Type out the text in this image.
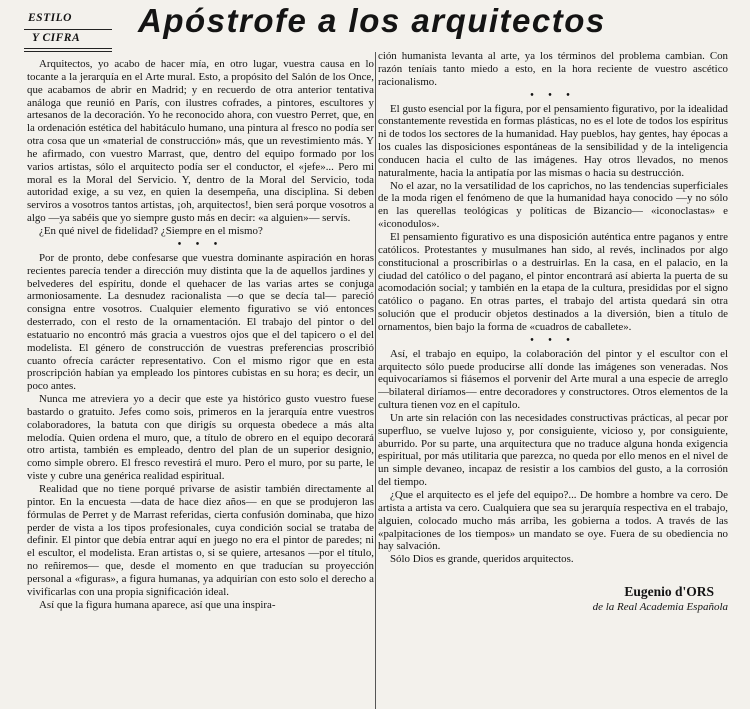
ESTILO
Y CIFRA Apóstrofe a los arquitectos

Arquitectos, yo acabo de hacer mía, en otro lugar, vuestra causa en lo tocante a la jerarquía en el Arte mural. Esto, a propósito del Salón de los Once, que acabamos de abrir en Madrid; y en recuerdo de otra anterior tentativa análoga que reunió en París, con ilustres cofrades, a pintores, escultores y artesanos de la decoración. Yo he reconocido ahora, con vuestro Perret, que, en la ordenación estética del habitáculo humano, una pintura al fresco no podía ser otra cosa que un «material de construcción» más, que un revestimiento más. Y he afirmado, con vuestro Marrast, que, dentro del equipo formado por los varios artistas, sólo el arquitecto podía ser el conductor, el «jefe»... Pero mi moral es la Moral del Servicio. Y, dentro de la Moral del Servicio, toda autoridad exige, a su vez, en quien la desempeña, una disciplina. Si deben serviros a vosotros tantos artistas, ¡oh, arquitectos!, bien será porque vosotros a algo —ya sabéis que yo siempre gusto más en decir: «a alguien»— servís.

¿En qué nivel de fidelidad? ¿Siempre en el mismo?

• • •

Por de pronto, debe confesarse que vuestra dominante aspiración en horas recientes parecía tender a dirección muy distinta que la de aquellos jardines y belvederes del espíritu, donde el quehacer de las varias artes se conjuga armoniosamente. La desnudez racionalista —o que se decía tal— pareció consigna entre vosotros. Cualquier elemento figurativo se vió entonces desterrado, con el resto de la ornamentación. El trabajo del pintor o del estatuario no encontró más gracia a vuestros ojos que el del tapicero o el del modelista. El género de construcción de vuestras preferencias proscribió cuanto ofrecía carácter representativo. Con el mismo rigor que en esta proscripción habían ya empleado los pintores cubistas en su hora; es decir, un poco antes.

Nunca me atreviera yo a decir que este ya histórico gusto vuestro fuese bastardo o gratuito. Jefes como sois, primeros en la jerarquía entre vuestros colaboradores, la batuta con que dirigís su orquesta obedece a más alta melodía. Quien ordena el muro, que, a título de obrero en el equipo decorará otro artista, también es empleado, dentro del plan de un superior designio, como simple obrero. El fresco revestirá el muro. Pero el muro, por su parte, le viste y cubre una genérica realidad espiritual.

Realidad que no tiene porqué privarse de asistir también directamente al pintor. En la encuesta —data de hace diez años— en que se produjeron las fórmulas de Perret y de Marrast referidas, cierta confusión dominaba, que hizo perder de vista a los tipos profesionales, cuya condición social se trataba de definir. El pintor que debía entrar aquí en juego no era el pintor de paredes; ni el escultor, el modelista. Eran artistas o, si se quiere, artesanos —por el título, no reñiremos— que, desde el momento en que traducían su proyección personal a «figuras», a figura humanas, ya adquirían con esto solo el derecho a vivificarlas con una propia significación ideal.

Así que la figura humana aparece, así que una inspira-

ción humanista levanta al arte, ya los términos del problema cambian. Con razón teníais tanto miedo a esto, en la hora reciente de vuestro ascético racionalismo.

• • •

El gusto esencial por la figura, por el pensamiento figurativo, por la idealidad constantemente revestida en formas plásticas, no es el lote de todos los espíritus ni de todos los sectores de la humanidad. Hay pueblos, hay gentes, hay épocas a los cuales las disposiciones espontáneas de la sensibilidad y de la inteligencia conducen hacia el culto de las imágenes. Hay otros llevados, no menos naturalmente, hacia la antipatía por las mismas o hacia su destrucción.

No el azar, no la versatilidad de los caprichos, no las tendencias superficiales de la moda rigen el fenómeno de que la humanidad haya conocido —y no sólo en las querellas teológicas y políticas de Bizancio— «iconoclastas» e «iconodulos».

El pensamiento figurativo es una disposición auténtica entre paganos y entre católicos. Protestantes y musulmanes han sido, al revés, inclinados por algo constitucional a proscribirlas o a destruirlas. En la casa, en el palacio, en la ciudad del católico o del pagano, el pintor encontrará así abierta la puerta de su acomodación social; y también en la etapa de la cultura, presididas por el signo católico o pagano. En otras partes, el trabajo del artista quedará sin otra solución que el producir objetos destinados a la diversión, bien a título de ornamentos, bien bajo la forma de «cuadros de caballete».

• • •

Así, el trabajo en equipo, la colaboración del pintor y el escultor con el arquitecto sólo puede producirse allí donde las imágenes son veneradas. Nos equivocaríamos si fiásemos el porvenir del Arte mural a una especie de arreglo —bilateral diríamos— entre decoradores y constructores. Otros elementos de la cultura tienen voz en el capítulo.

Un arte sin relación con las necesidades constructivas prácticas, al pecar por superfluo, se vuelve lujoso y, por consiguiente, vicioso y, por consiguiente, aburrido. Por su parte, una arquitectura que no traduce alguna honda exigencia espiritual, por más utilitaria que parezca, no queda por ello menos en el nivel de un simple devaneo, incapaz de resistir a los cambios del gusto, a la corrosión del tiempo.

¿Que el arquitecto es el jefe del equipo?... De hombre a hombre va cero. De artista a artista va cero. Cualquiera que sea su jerarquía respectiva en el trabajo, alguien, colocado mucho más arriba, les gobierna a todos. A través de las «palpitaciones de los tiempos» un mandato se oye. Fuera de su obediencia no hay salvación.

Sólo Dios es grande, queridos arquitectos.

Eugenio d'ORS
de la Real Academia Española
